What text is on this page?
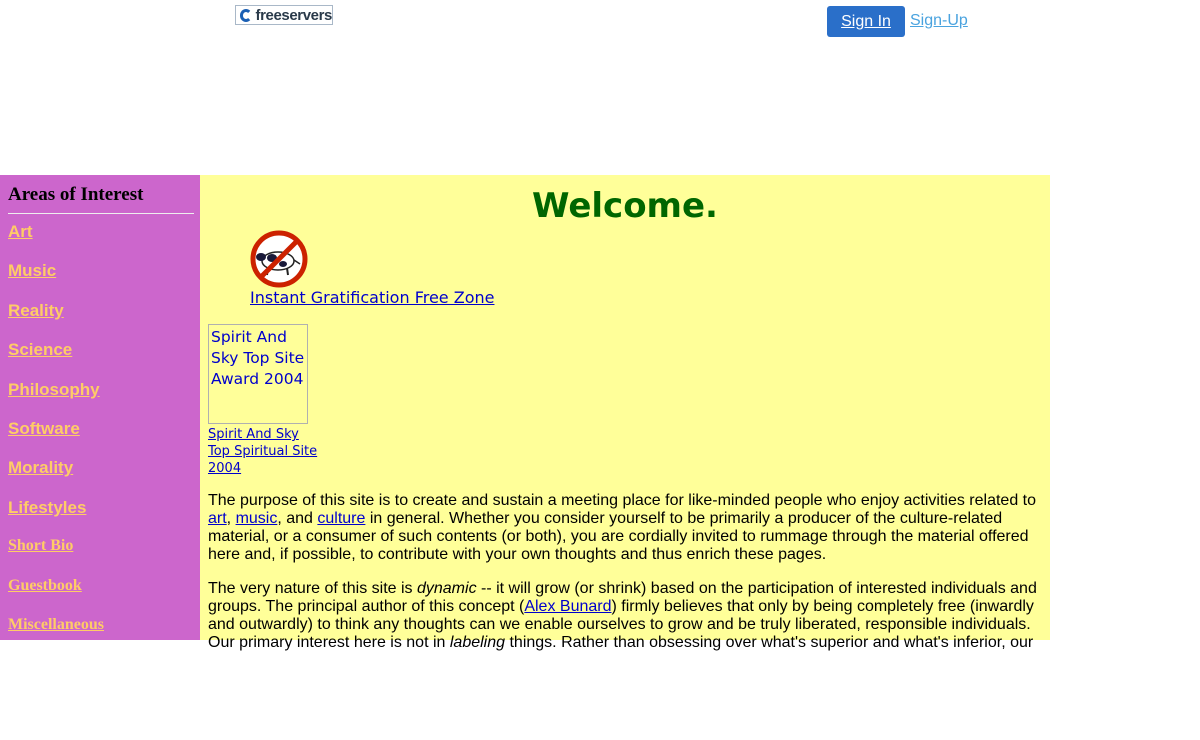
freeservers	Sign In	Sign-Up
Areas of Interest
Art
Music
Reality
Science
Philosophy
Software
Morality
Lifestyles
Short Bio
Guestbook
Miscellaneous
Welcome.
Instant Gratification Free Zone
Spirit And Sky Top Site Award 2004
Spirit And Sky Top Spiritual Site 2004

The purpose of this site is to create and sustain a meeting place for like-minded people who enjoy activities related to art, music, and culture in general. Whether you consider yourself to be primarily a producer of the culture-related material, or a consumer of such contents (or both), you are cordially invited to rummage through the material offered here and, if possible, to contribute with your own thoughts and thus enrich these pages.

The very nature of this site is dynamic -- it will grow (or shrink) based on the participation of interested individuals and groups. The principal author of this concept (Alex Bunard) firmly believes that only by being completely free (inwardly and outwardly) to think any thoughts can we enable ourselves to grow and be truly liberated, responsible individuals. Our primary interest here is not in labeling things. Rather than obsessing over what's superior and what's inferior, our
